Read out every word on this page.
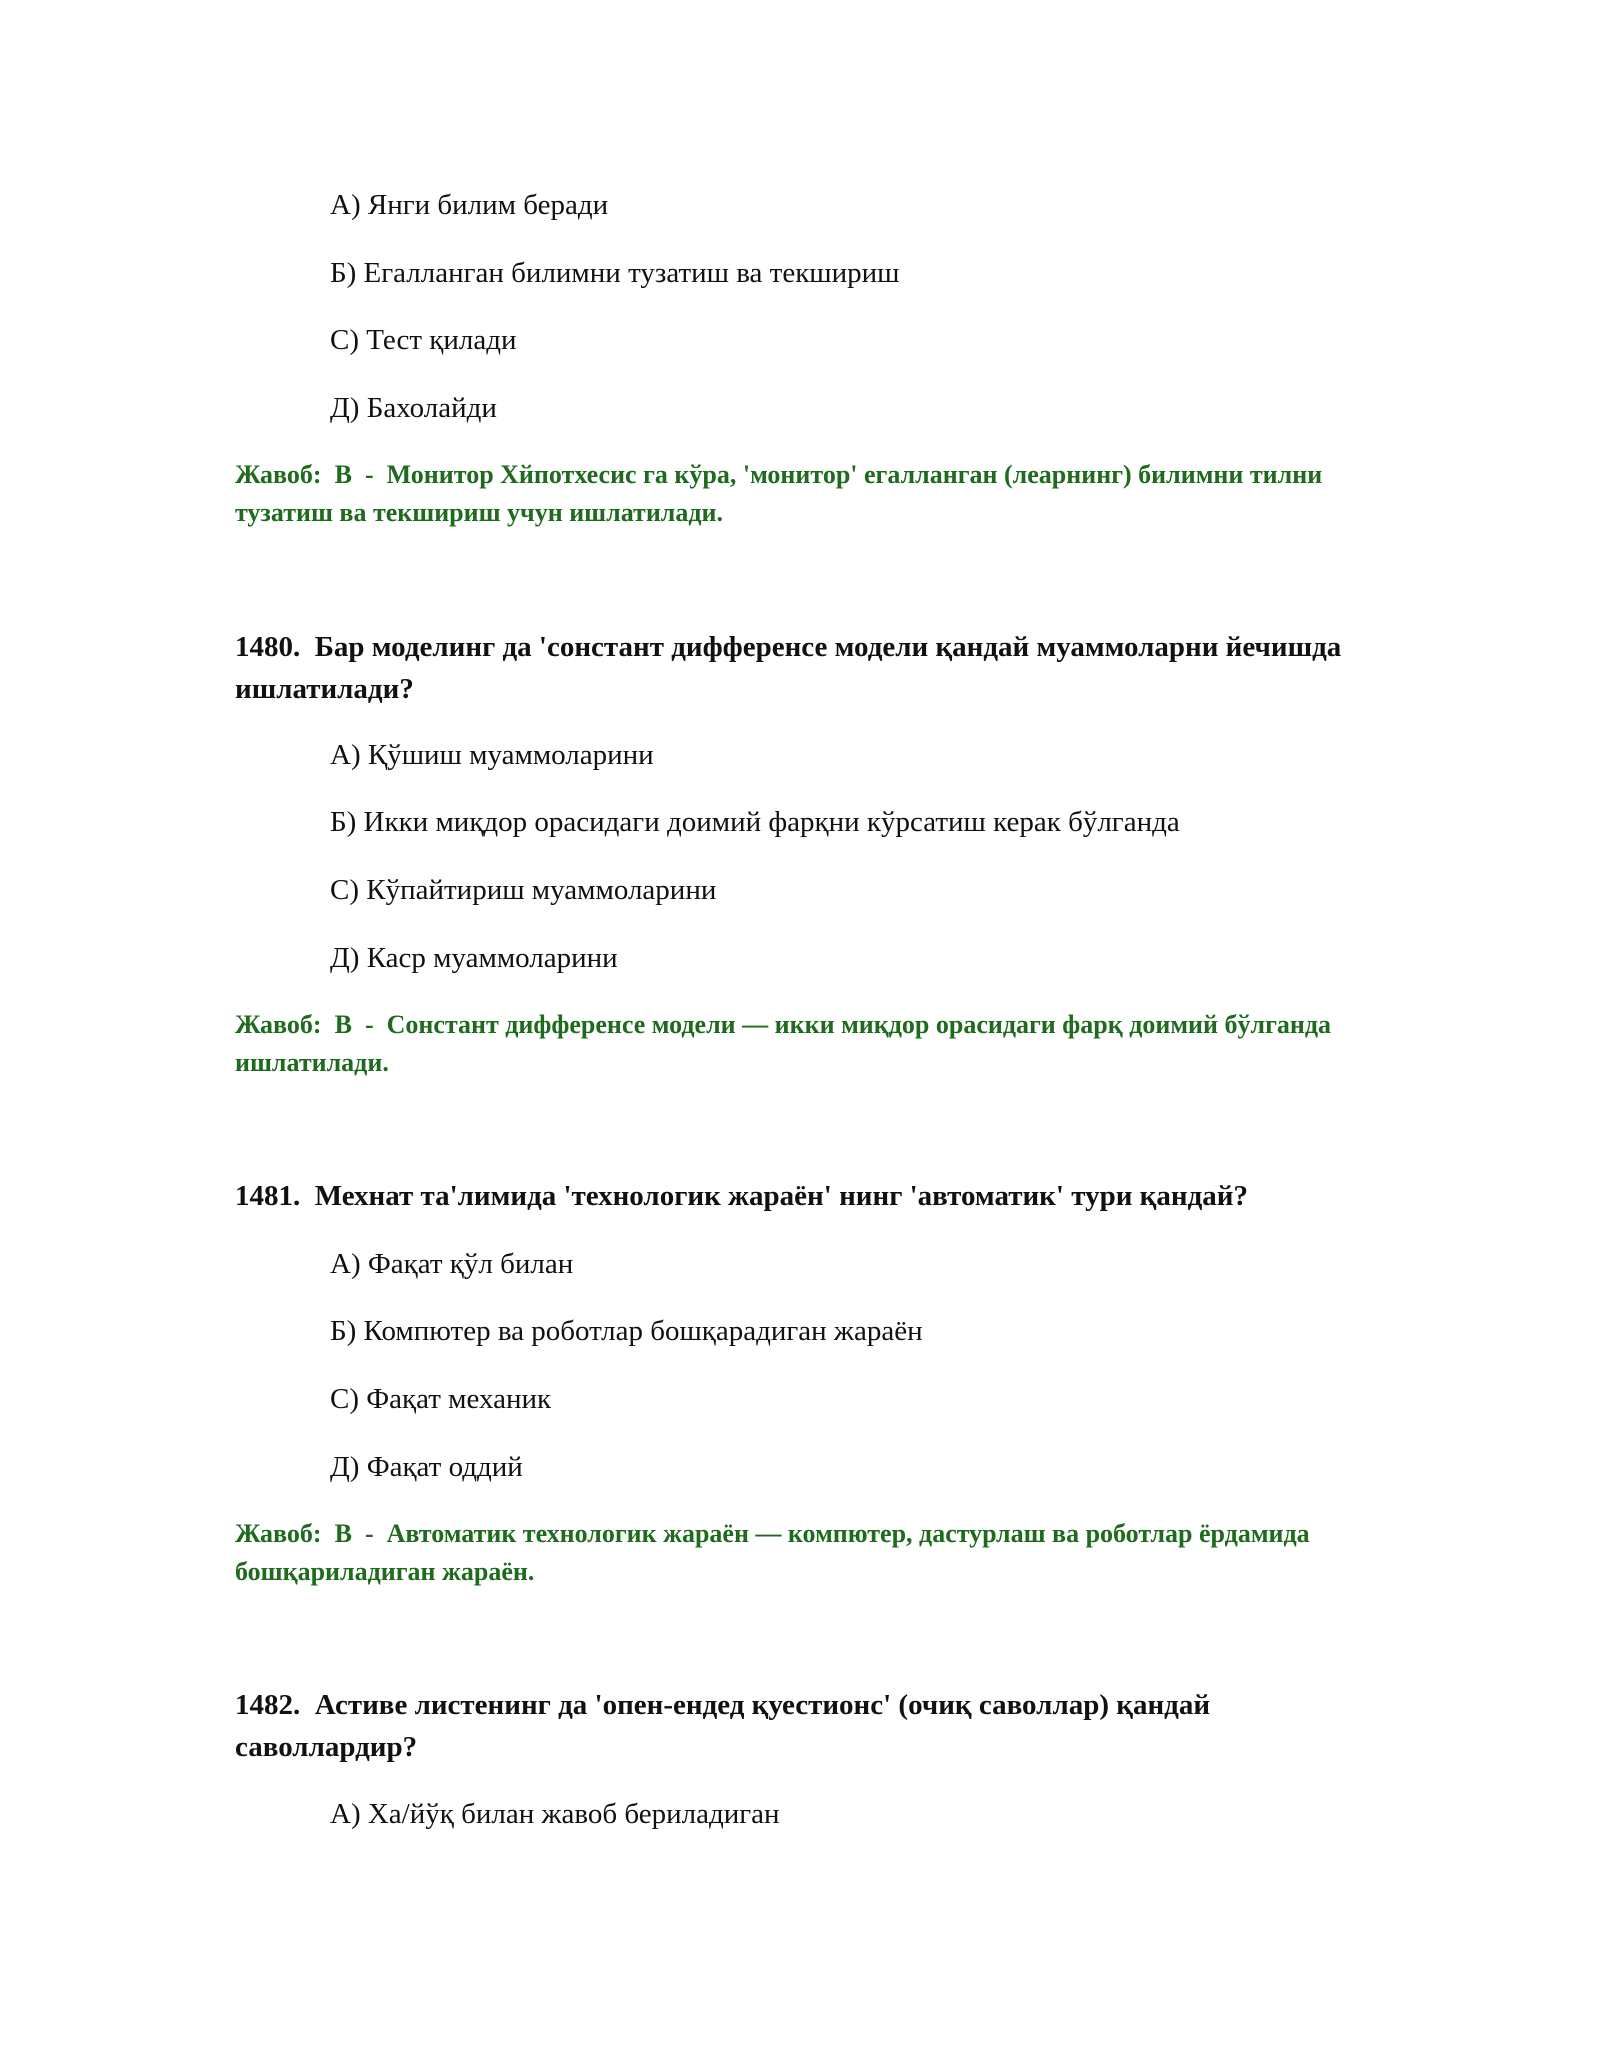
А) Янги билим беради
Б) Егалланган билимни тузатиш ва текшириш
С) Тест қилади
Д) Бахолайди
Жавоб: B  -  Монитор Хйпотхесис га кўра, 'монитор' егалланган (леарнинг) билимни тилни тузатиш ва текшириш учун ишлатилади.
1480. Бар моделинг да 'сонстант дифференсе модели қандай муаммоларни йечишда ишлатилади?
А) Қўшиш муаммоларини
Б) Икки миқдор орасидаги доимий фарқни кўрсатиш керак бўлганда
С) Кўпайтириш муаммоларини
Д) Каср муаммоларини
Жавоб: B  -  Сонстант дифференсе модели — икки миқдор орасидаги фарқ доимий бўлганда ишлатилади.
1481. Мехнат та'лимида 'технологик жараён' нинг 'автоматик' тури қандай?
А) Фақат қўл билан
Б) Компютер ва роботлар бошқарадиган жараён
С) Фақат механик
Д) Фақат оддий
Жавоб: B  -  Автоматик технологик жараён — компютер, дастурлаш ва роботлар ёрдамида бошқариладиган жараён.
1482. Астиве листенинг да 'опен-ендед қуестионс' (очиқ саволлар) қандай саволлардир?
А) Ха/йўқ билан жавоб бериладиган
